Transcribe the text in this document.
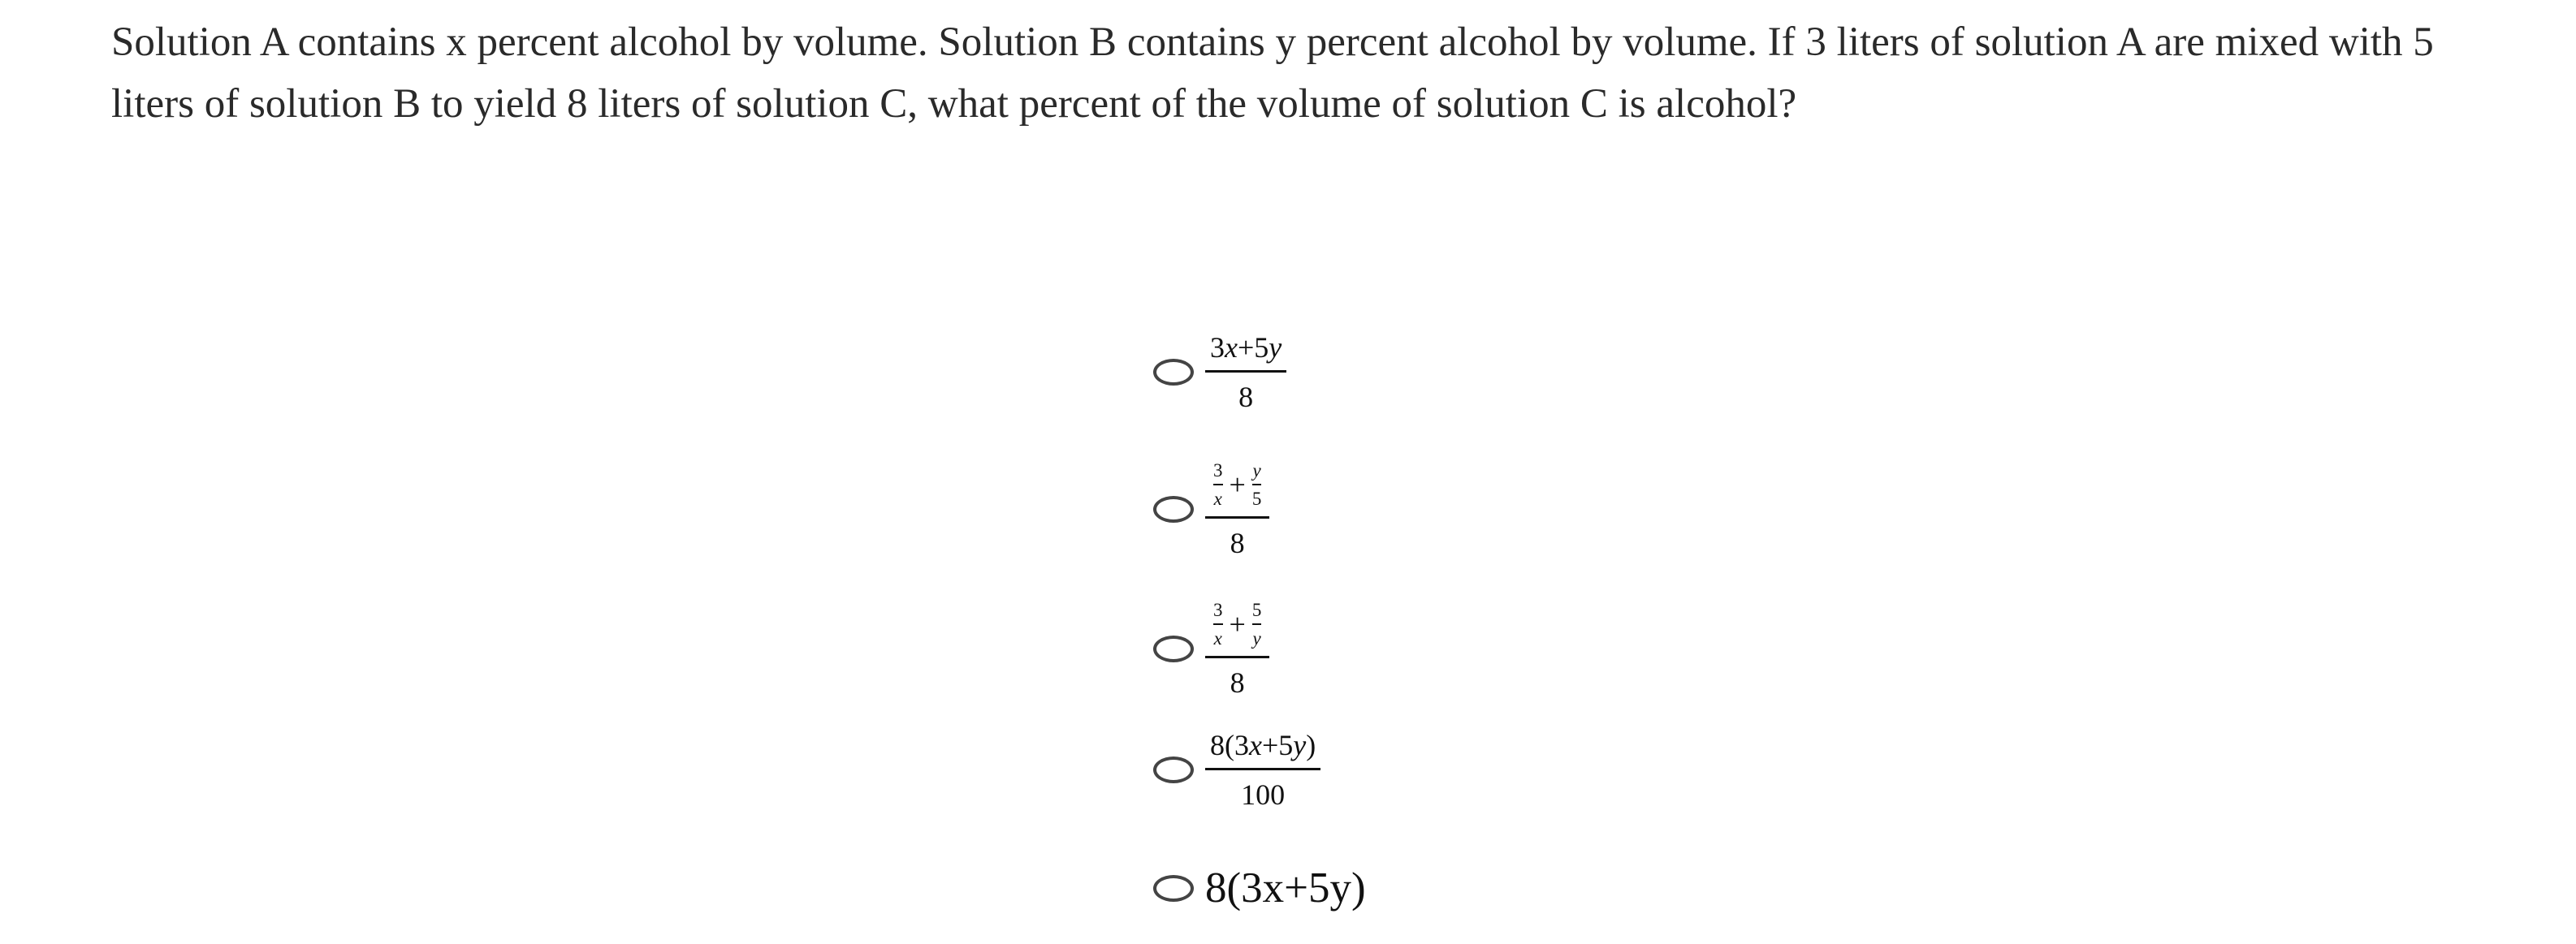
Solution A contains x percent alcohol by volume. Solution B contains y percent alcohol by volume. If 3 liters of solution A are mixed with 5 liters of solution B to yield 8 liters of solution C, what percent of the volume of solution C is alcohol?
$\frac{3 x +5 y}{8}$
3
x + y
5
8
3
x + 5
y
8
$\frac{8(3 x +5 y )}{100}$
8(3x+5y)
